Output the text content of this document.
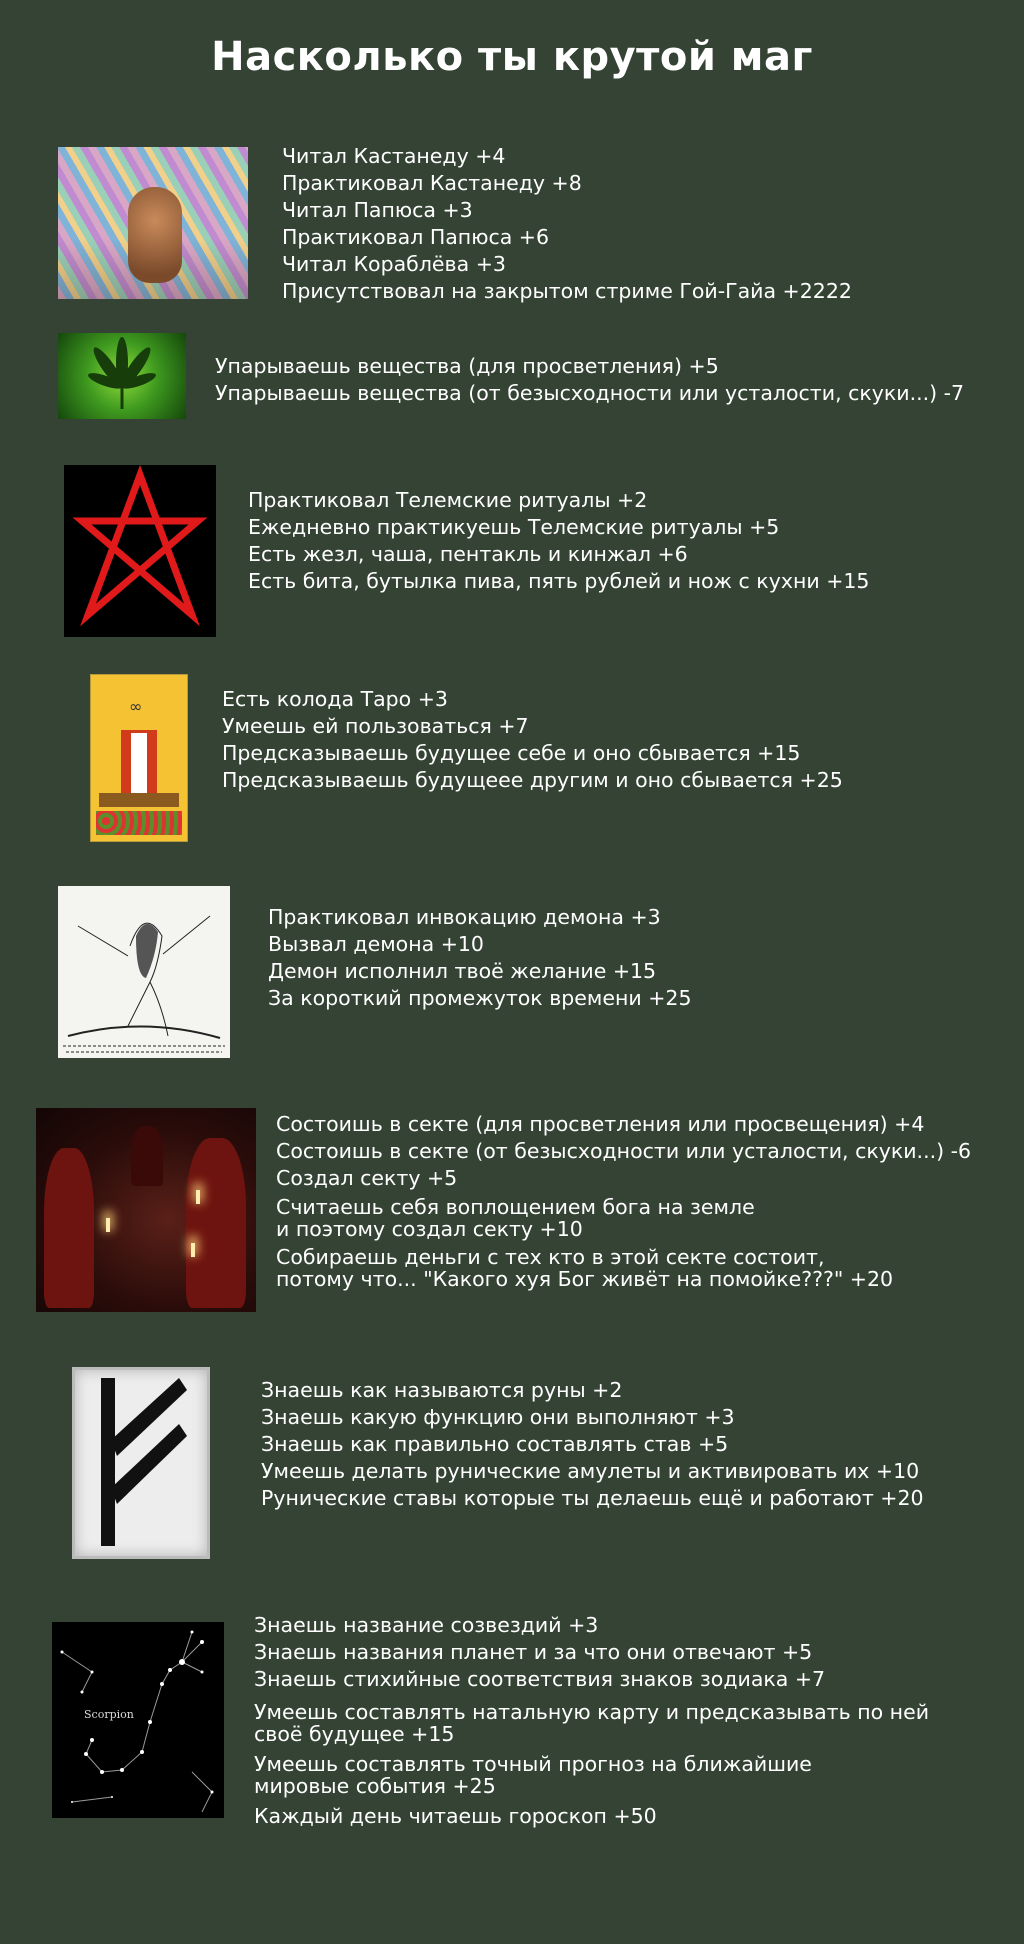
Насколько ты крутой маг
Читал Кастанеду +4
Практиковал Кастанеду +8
Читал Папюса +3
Практиковал Папюса +6
Читал Кораблёва +3
Присутствовал на закрытом стриме Гой-Гайа +2222
Упарываешь вещества (для просветления) +5
Упарываешь вещества (от безысходности или усталости, скуки...) -7
Практиковал Телемские ритуалы +2
Ежедневно практикуешь Телемские ритуалы +5
Есть жезл, чаша, пентакль и кинжал +6
Есть бита, бутылка пива, пять рублей и нож с кухни +15
∞	Есть колода Таро +3
Умеешь ей пользоваться +7
Предсказываешь будущее себе и оно сбывается +15
Предсказываешь будущеее другим и оно сбывается +25
Практиковал инвокацию демона +3
Вызвал демона +10
Демон исполнил твоё желание +15
За короткий промежуток времени +25
Состоишь в секте (для просветления или просвещения) +4
Состоишь в секте (от безысходности или усталости, скуки...) -6
Создал секту +5
Считаешь себя воплощением бога на земле
и поэтому создал секту +10
Собираешь деньги с тех кто в этой секте состоит,
потому что... "Какого хуя Бог живёт на помойке???" +20
Знаешь как называются руны +2
Знаешь какую функцию они выполняют +3
Знаешь как правильно составлять став +5
Умеешь делать рунические амулеты и активировать их +10
Рунические ставы которые ты делаешь ещё и работают +20
Scorpion
Знаешь название созвездий +3
Знаешь названия планет и за что они отвечают +5
Знаешь стихийные соответствия знаков зодиака +7
Умеешь составлять натальную карту и предсказывать по ней
своё будущее +15
Умеешь составлять точный прогноз на ближайшие
мировые события +25
Каждый день читаешь гороскоп +50
